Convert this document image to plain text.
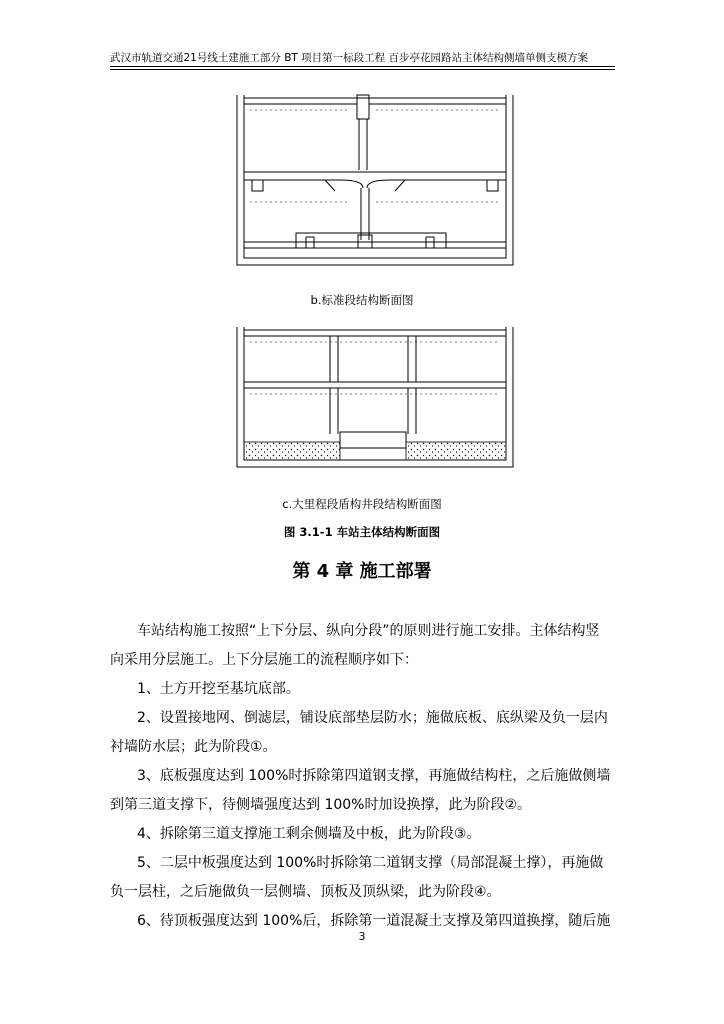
武汉市轨道交通21号线土建施工部分 BT 项目第一标段工程 百步亭花园路站主体结构侧墙单侧支模方案
b.标准段结构断面图
c.大里程段盾构井段结构断面图
图 3.1-1 车站主体结构断面图
第 4 章 施工部署

车站结构施工按照“上下分层、纵向分段”的原则进行施工安排。主体结构竖

向采用分层施工。上下分层施工的流程顺序如下：

1、土方开挖至基坑底部。

2、设置接地网、倒滤层，铺设底部垫层防水；施做底板、底纵梁及负一层内

衬墙防水层；此为阶段①。

3、底板强度达到 100%时拆除第四道钢支撑，再施做结构柱，之后施做侧墙

到第三道支撑下，待侧墙强度达到 100%时加设换撑，此为阶段②。

4、拆除第三道支撑施工剩余侧墙及中板，此为阶段③。

5、二层中板强度达到 100%时拆除第二道钢支撑（局部混凝土撑），再施做

负一层柱，之后施做负一层侧墙、顶板及顶纵梁，此为阶段④。

6、待顶板强度达到 100%后，拆除第一道混凝土支撑及第四道换撑，随后施

3
